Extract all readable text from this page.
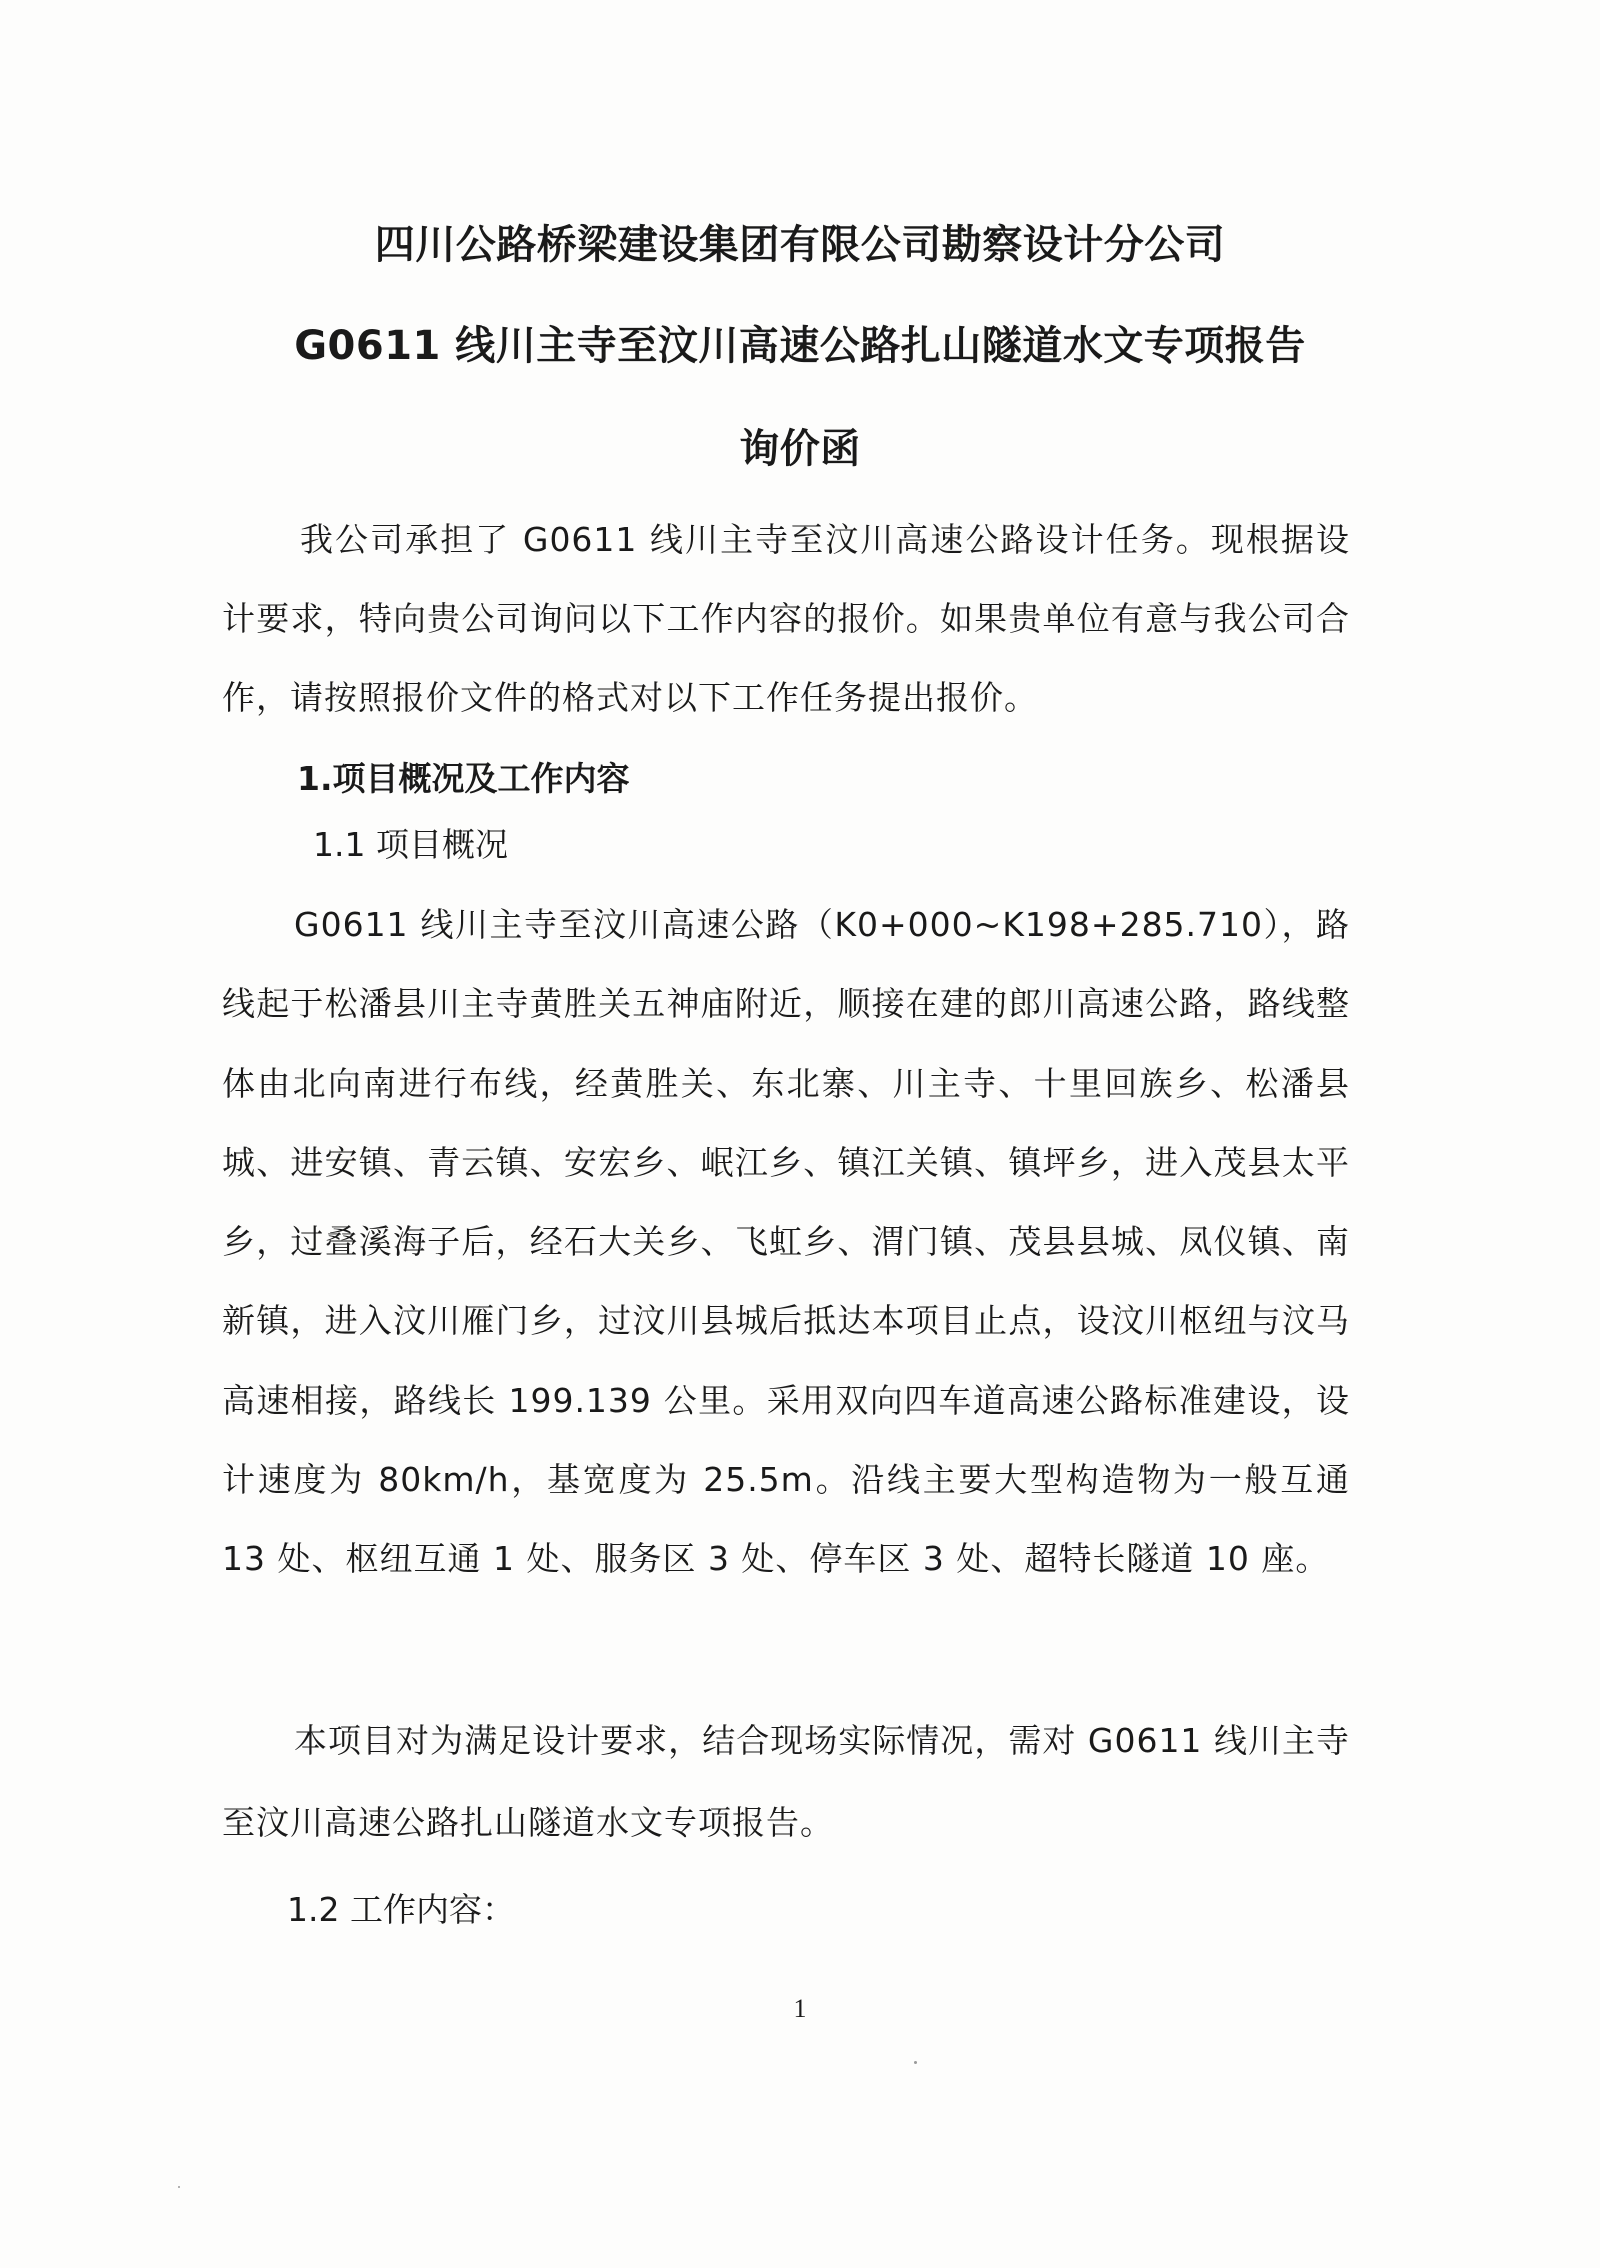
四川公路桥梁建设集团有限公司勘察设计分公司
G0611 线川主寺至汶川高速公路扎山隧道水文专项报告
询价函

我公司承担了 G0611 线川主寺至汶川高速公路设计任务。现根据设计要求，特向贵公司询问以下工作内容的报价。如果贵单位有意与我公司合作，请按照报价文件的格式对以下工作任务提出报价。

1.项目概况及工作内容
1.1 项目概况

G0611 线川主寺至汶川高速公路（K0+000~K198+285.710），路线起于松潘县川主寺黄胜关五神庙附近，顺接在建的郎川高速公路，路线整体由北向南进行布线，经黄胜关、东北寨、川主寺、十里回族乡、松潘县城、进安镇、青云镇、安宏乡、岷江乡、镇江关镇、镇坪乡，进入茂县太平乡，过叠溪海子后，经石大关乡、飞虹乡、渭门镇、茂县县城、凤仪镇、南新镇，进入汶川雁门乡，过汶川县城后抵达本项目止点，设汶川枢纽与汶马高速相接，路线长 199.139 公里。采用双向四车道高速公路标准建设，设计速度为 80km/h，基宽度为 25.5m。沿线主要大型构造物为一般互通 13 处、枢纽互通 1 处、服务区 3 处、停车区 3 处、超特长隧道 10 座。

本项目对为满足设计要求，结合现场实际情况，需对 G0611 线川主寺至汶川高速公路扎山隧道水文专项报告。

1.2 工作内容：
1
